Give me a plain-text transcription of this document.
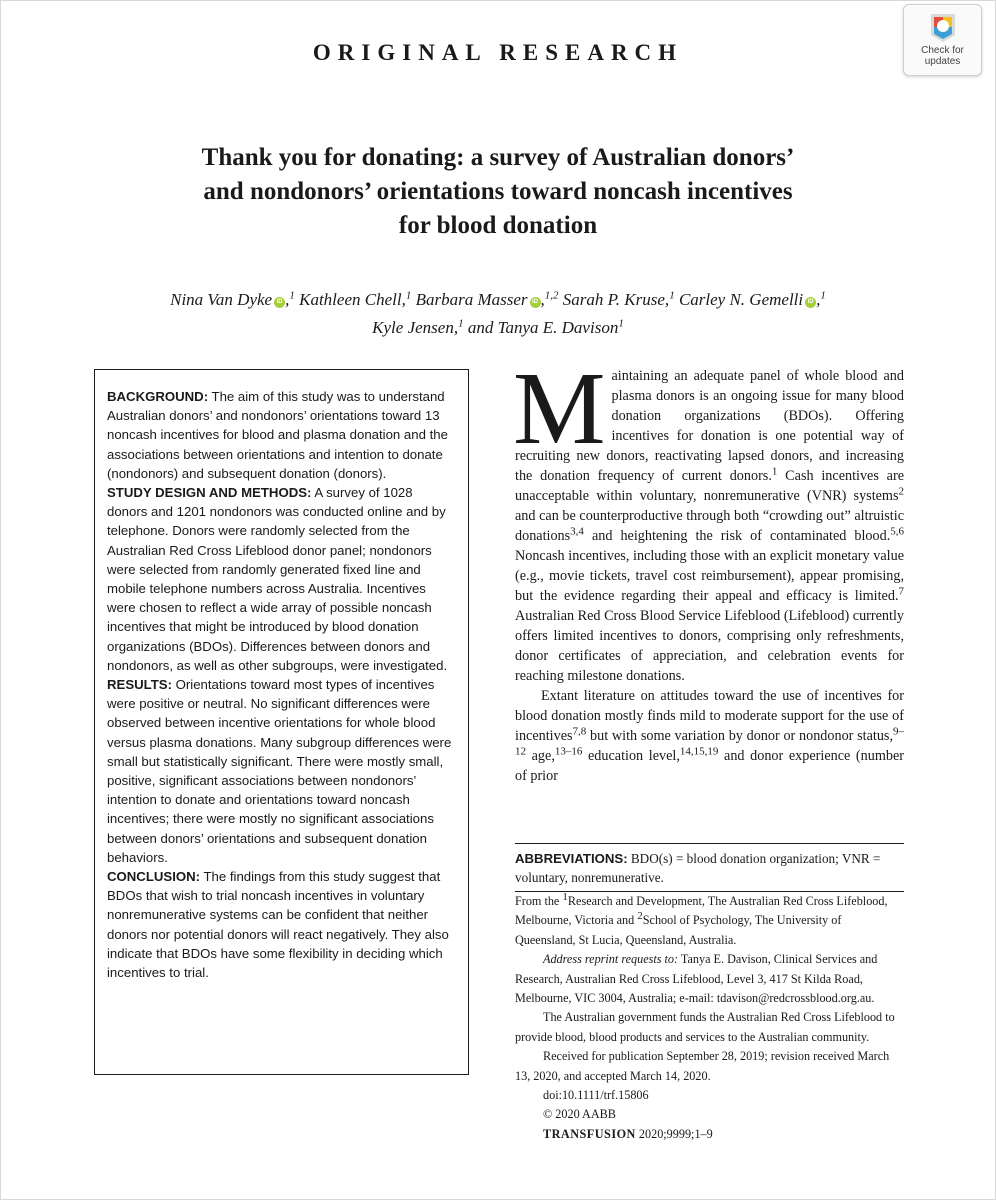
ORIGINAL RESEARCH	Check for
updates
Thank you for donating: a survey of Australian donors’
and nondonors’ orientations toward noncash incentives
for blood donation
Nina Van Dyke iD ,$^1$ Kathleen Chell,$^1$ Barbara Masser iD ,$^{1,2}$ Sarah P. Kruse,$^1$ Carley N. Gemelli iD ,$^1$
Kyle Jensen,$^1$ and Tanya E. Davison$^1$

BACKGROUND: The aim of this study was to understand Australian donors’ and nondonors’ orientations toward 13 noncash incentives for blood and plasma donation and the associations between orientations and intention to donate (nondonors) and subsequent donation (donors).

STUDY DESIGN AND METHODS: A survey of 1028 donors and 1201 nondonors was conducted online and by telephone. Donors were randomly selected from the Australian Red Cross Lifeblood donor panel; nondonors were selected from randomly generated fixed line and mobile telephone numbers across Australia. Incentives were chosen to reflect a wide array of possible noncash incentives that might be introduced by blood donation organizations (BDOs). Differences between donors and nondonors, as well as other subgroups, were investigated.

RESULTS: Orientations toward most types of incentives were positive or neutral. No significant differences were observed between incentive orientations for whole blood versus plasma donations. Many subgroup differences were small but statistically significant. There were mostly small, positive, significant associations between nondonors’ intention to donate and orientations toward noncash incentives; there were mostly no significant associations between donors’ orientations and subsequent donation behaviors.

CONCLUSION: The findings from this study suggest that BDOs that wish to trial noncash incentives in voluntary nonremunerative systems can be confident that neither donors nor potential donors will react negatively. They also indicate that BDOs have some flexibility in deciding which incentives to trial.

Maintaining an adequate panel of whole blood and plasma donors is an ongoing issue for many blood donation organizations (BDOs). Offering incentives for donation is one potential way of recruiting new donors, reactivating lapsed donors, and increasing the donation frequency of current donors.$^1$ Cash incentives are unacceptable within voluntary, nonremunerative (VNR) systems$^2$ and can be counterproductive through both “crowding out” altruistic donations$^{3,4}$ and heightening the risk of contaminated blood.$^{5,6}$ Noncash incentives, including those with an explicit monetary value (e.g., movie tickets, travel cost reimbursement), appear promising, but the evidence regarding their appeal and efficacy is limited.$^7$ Australian Red Cross Blood Service Lifeblood (Lifeblood) currently offers limited incentives to donors, comprising only refreshments, donor certificates of appreciation, and celebration events for reaching milestone donations.

Extant literature on attitudes toward the use of incentives for blood donation mostly finds mild to moderate support for the use of incentives$^{7,8}$ but with some variation by donor or nondonor status,$^{9-12}$ age,$^{13-16}$ education level,$^{14,15,19}$ and donor experience (number of prior

ABBREVIATIONS: BDO(s) = blood donation organization; VNR = voluntary, nonremunerative.

From the $^1$Research and Development, The Australian Red Cross Lifeblood, Melbourne, Victoria and $^2$School of Psychology, The University of Queensland, St Lucia, Queensland, Australia.

Address reprint requests to: Tanya E. Davison, Clinical Services and Research, Australian Red Cross Lifeblood, Level 3, 417 St Kilda Road, Melbourne, VIC 3004, Australia; e-mail: tdavison@redcrossblood.org.au.

The Australian government funds the Australian Red Cross Lifeblood to provide blood, blood products and services to the Australian community.

Received for publication September 28, 2019; revision received March 13, 2020, and accepted March 14, 2020.

doi:10.1111/trf.15806

© 2020 AABB

TRANSFUSION 2020;9999;1–9
